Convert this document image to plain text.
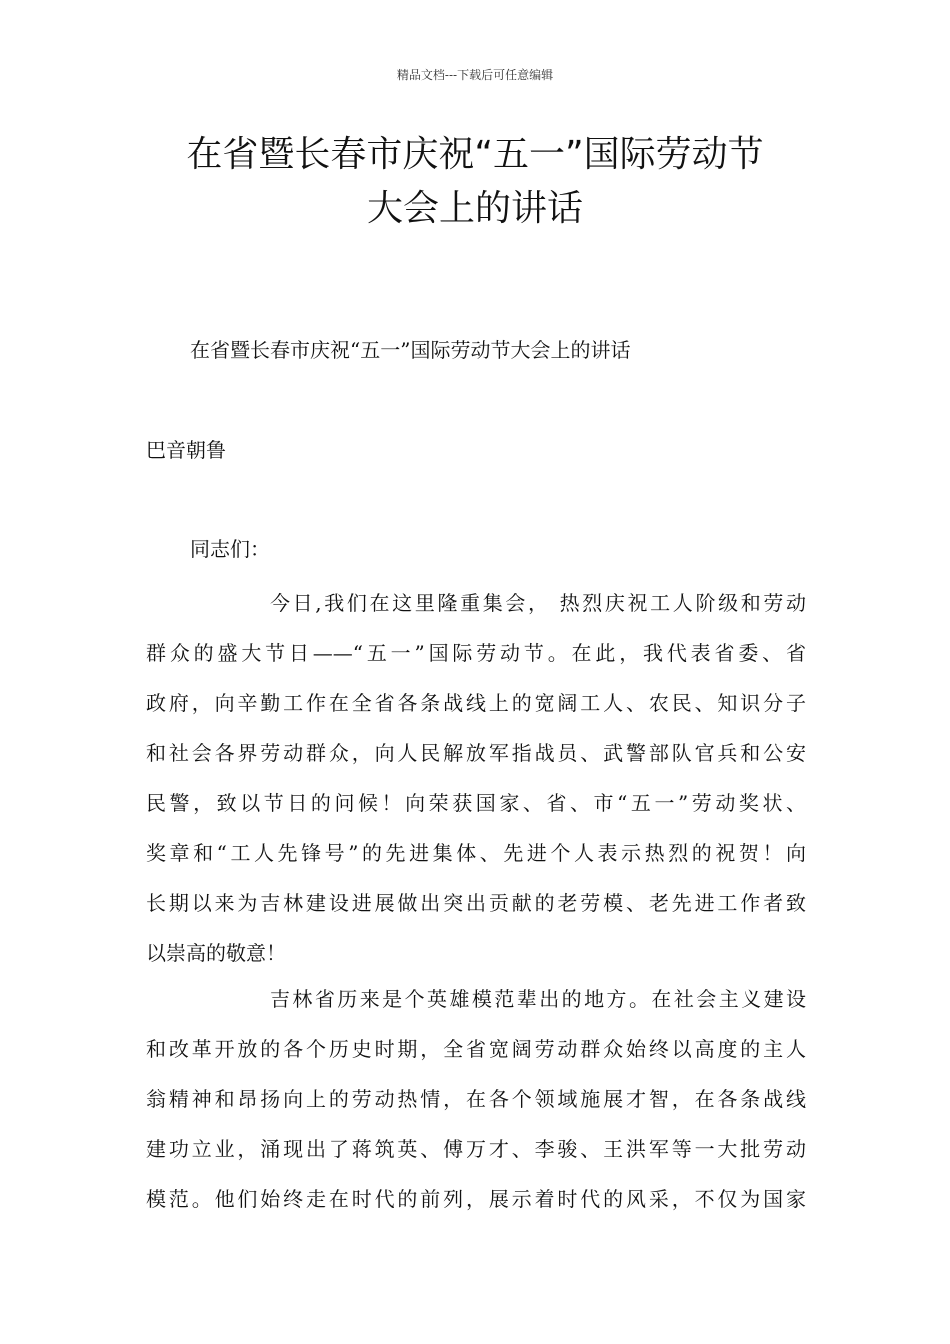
精品文档---下载后可任意编辑
在省暨长春市庆祝“五一”国际劳动节
大会上的讲话
在省暨长春市庆祝“五一”国际劳动节大会上的讲话
巴音朝鲁
同志们：
今日,我们在这里隆重集会， 热烈庆祝工人阶级和劳动
群众的盛大节日——“五一”国际劳动节。在此，我代表省委、省
政府，向辛勤工作在全省各条战线上的宽阔工人、农民、知识分子
和社会各界劳动群众，向人民解放军指战员、武警部队官兵和公安
民警，致以节日的问候！向荣获国家、省、市“五一”劳动奖状、
奖章和“工人先锋号”的先进集体、先进个人表示热烈的祝贺！向
长期以来为吉林建设进展做出突出贡献的老劳模、老先进工作者致
以崇高的敬意！
吉林省历来是个英雄模范辈出的地方。在社会主义建设
和改革开放的各个历史时期，全省宽阔劳动群众始终以高度的主人
翁精神和昂扬向上的劳动热情，在各个领域施展才智，在各条战线
建功立业，涌现出了蒋筑英、傅万才、李骏、王洪军等一大批劳动
模范。他们始终走在时代的前列，展示着时代的风采，不仅为国家
